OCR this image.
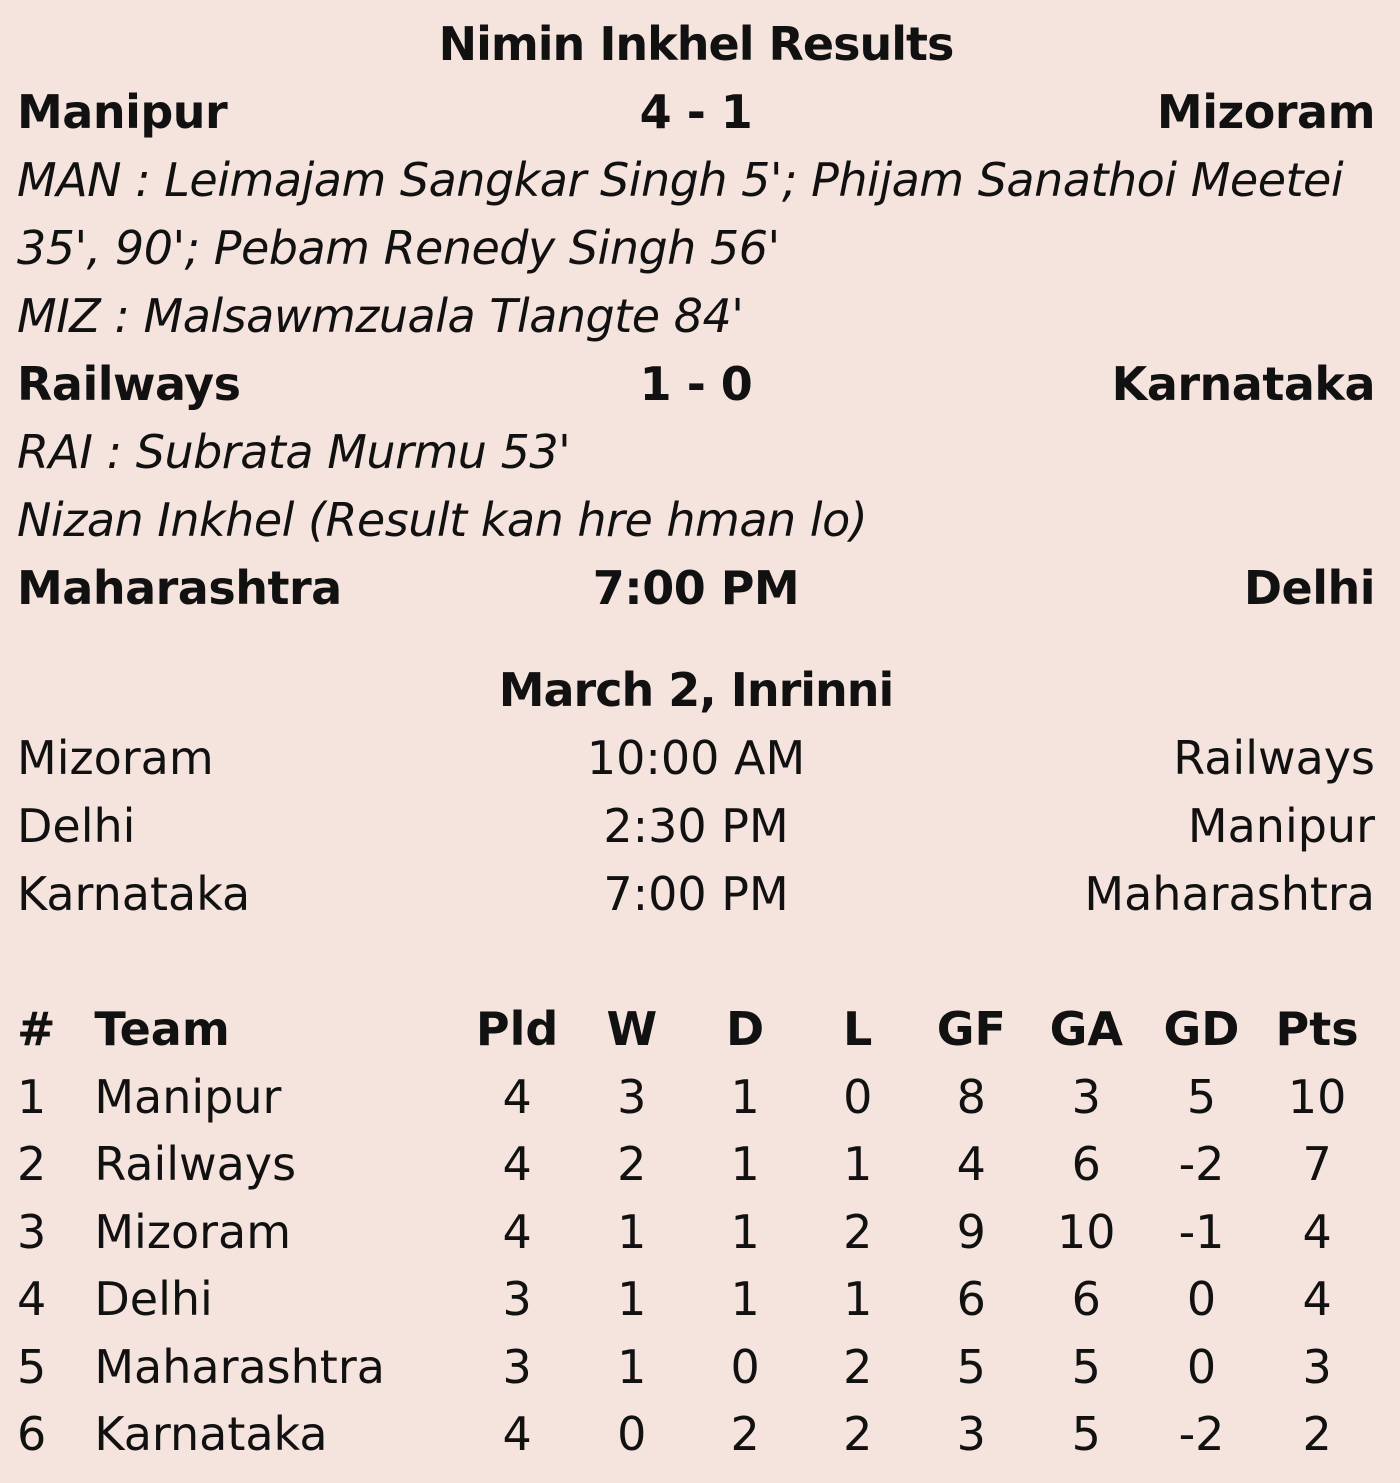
Nimin Inkhel Results
Manipur	4 - 1	Mizoram
MAN : Leimajam Sangkar Singh 5'; Phijam Sanathoi Meetei
35', 90'; Pebam Renedy Singh 56'
MIZ : Malsawmzuala Tlangte 84'
Railways	1 - 0	Karnataka
RAI : Subrata Murmu 53'
Nizan Inkhel (Result kan hre hman lo)
Maharashtra	7:00 PM	Delhi
March 2, Inrinni
Mizoram	10:00 AM	Railways
Delhi	2:30 PM	Manipur
Karnataka	7:00 PM	Maharashtra
#	Team	Pld	W	D	L	GF	GA	GD	Pts
1	Manipur	4	3	1	0	8	3	5	10
2	Railways	4	2	1	1	4	6	-2	7
3	Mizoram	4	1	1	2	9	10	-1	4
4	Delhi	3	1	1	1	6	6	0	4
5	Maharashtra	3	1	0	2	5	5	0	3
6	Karnataka	4	0	2	2	3	5	-2	2
